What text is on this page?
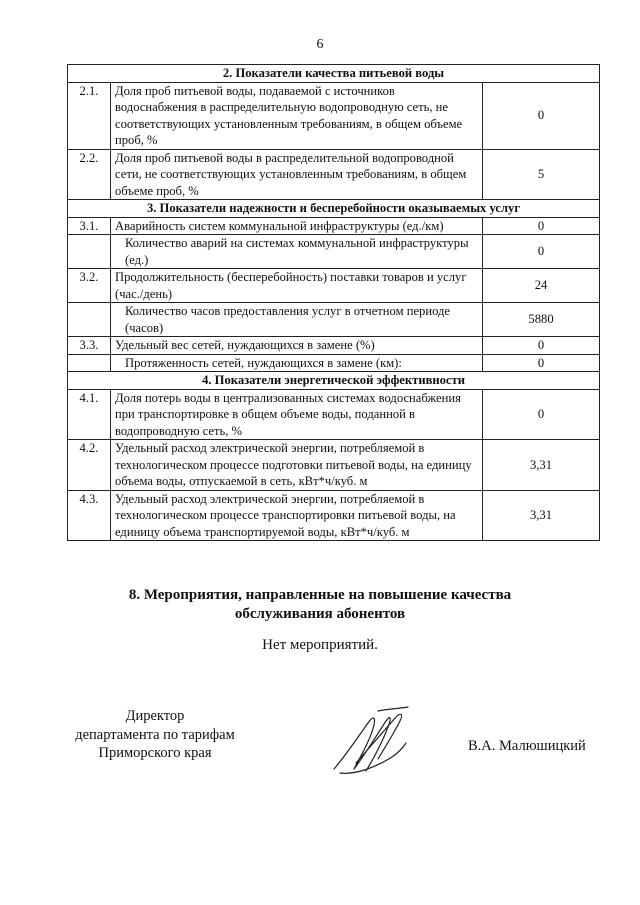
6
2. Показатели качества питьевой воды		
2.1.	Доля проб питьевой воды, подаваемой с источников водоснабжения в распределительную водопроводную сеть, не соответствующих установленным требованиям, в общем объеме проб, %	0
2.2.	Доля проб питьевой воды в распределительной водопроводной сети, не соответствующих установленным требованиям, в общем объеме проб, %	5
3. Показатели надежности и бесперебойности оказываемых услуг		
3.1.	Аварийность систем коммунальной инфраструктуры (ед./км)	0
	Количество аварий на системах коммунальной инфраструктуры (ед.)	0
3.2.	Продолжительность (бесперебойность) поставки товаров и услуг (час./день)	24
	Количество часов предоставления услуг в отчетном периоде (часов)	5880
3.3.	Удельный вес сетей, нуждающихся в замене (%)	0
	Протяженность сетей, нуждающихся в замене (км):	0
4. Показатели энергетической эффективности		
4.1.	Доля потерь воды в централизованных системах водоснабжения при транспортировке в общем объеме воды, поданной в водопроводную сеть, %	0
4.2.	Удельный расход электрической энергии, потребляемой в технологическом процессе подготовки питьевой воды, на единицу объема воды, отпускаемой в сеть, кВт*ч/куб. м	3,31
4.3.	Удельный расход электрической энергии, потребляемой в технологическом процессе транспортировки питьевой воды, на единицу объема транспортируемой воды, кВт*ч/куб. м	3,31
8. Мероприятия, направленные на повышение качества
обслуживания абонентов
Нет мероприятий.
Директор
департамента по тарифам
Приморского края	В.А. Малюшицкий
